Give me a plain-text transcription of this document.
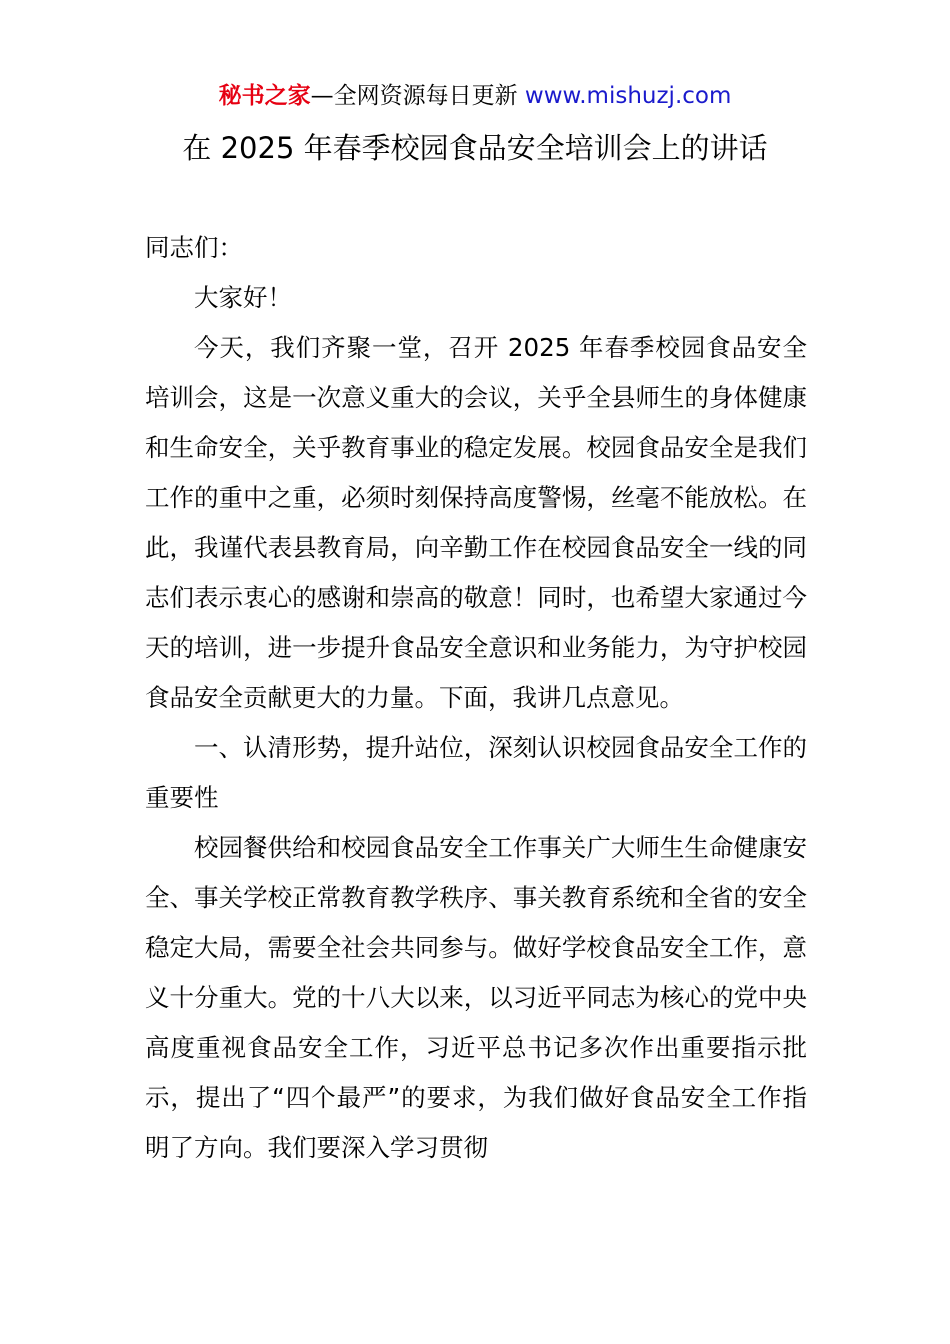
秘书之家—全网资源每日更新 www.mishuzj.com
在 2025 年春季校园食品安全培训会上的讲话

同志们：

大家好！

今天，我们齐聚一堂，召开 2025 年春季校园食品安全培训会，这是一次意义重大的会议，关乎全县师生的身体健康和生命安全，关乎教育事业的稳定发展。校园食品安全是我们工作的重中之重，必须时刻保持高度警惕，丝毫不能放松。在此，我谨代表县教育局，向辛勤工作在校园食品安全一线的同志们表示衷心的感谢和崇高的敬意！同时，也希望大家通过今天的培训，进一步提升食品安全意识和业务能力，为守护校园食品安全贡献更大的力量。下面，我讲几点意见。

一、认清形势，提升站位，深刻认识校园食品安全工作的重要性

校园餐供给和校园食品安全工作事关广大师生生命健康安全、事关学校正常教育教学秩序、事关教育系统和全省的安全稳定大局，需要全社会共同参与。做好学校食品安全工作，意义十分重大。党的十八大以来，以习近平同志为核心的党中央高度重视食品安全工作，习近平总书记多次作出重要指示批示，提出了“四个最严”的要求，为我们做好食品安全工作指明了方向。我们要深入学习贯彻
